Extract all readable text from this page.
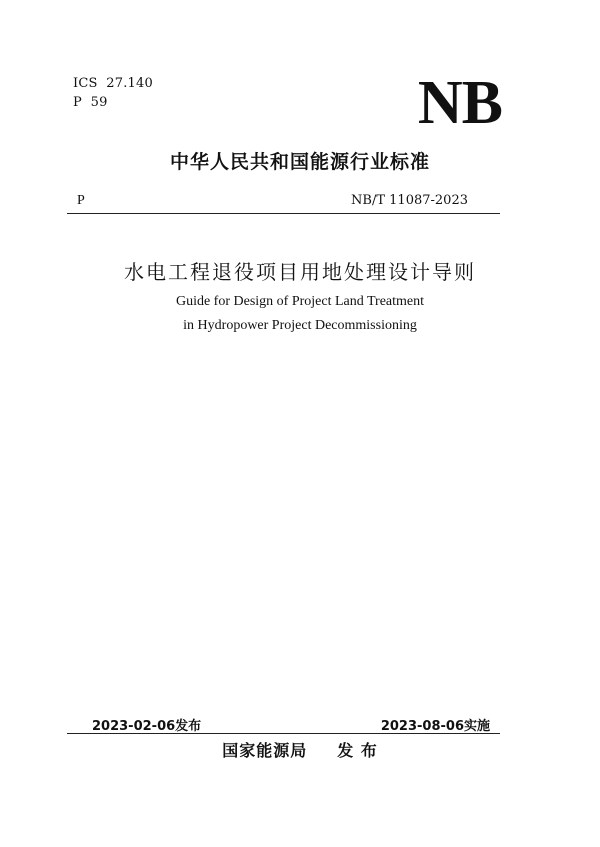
ICS  27.140
P  59	NB
中华人民共和国能源行业标准
P	NB/T 11087-2023
水电工程退役项目用地处理设计导则
Guide for Design of Project Land Treatment
in Hydropower Project Decommissioning
2023-02-06发布	2023-08-06实施
国家能源局 发 布
